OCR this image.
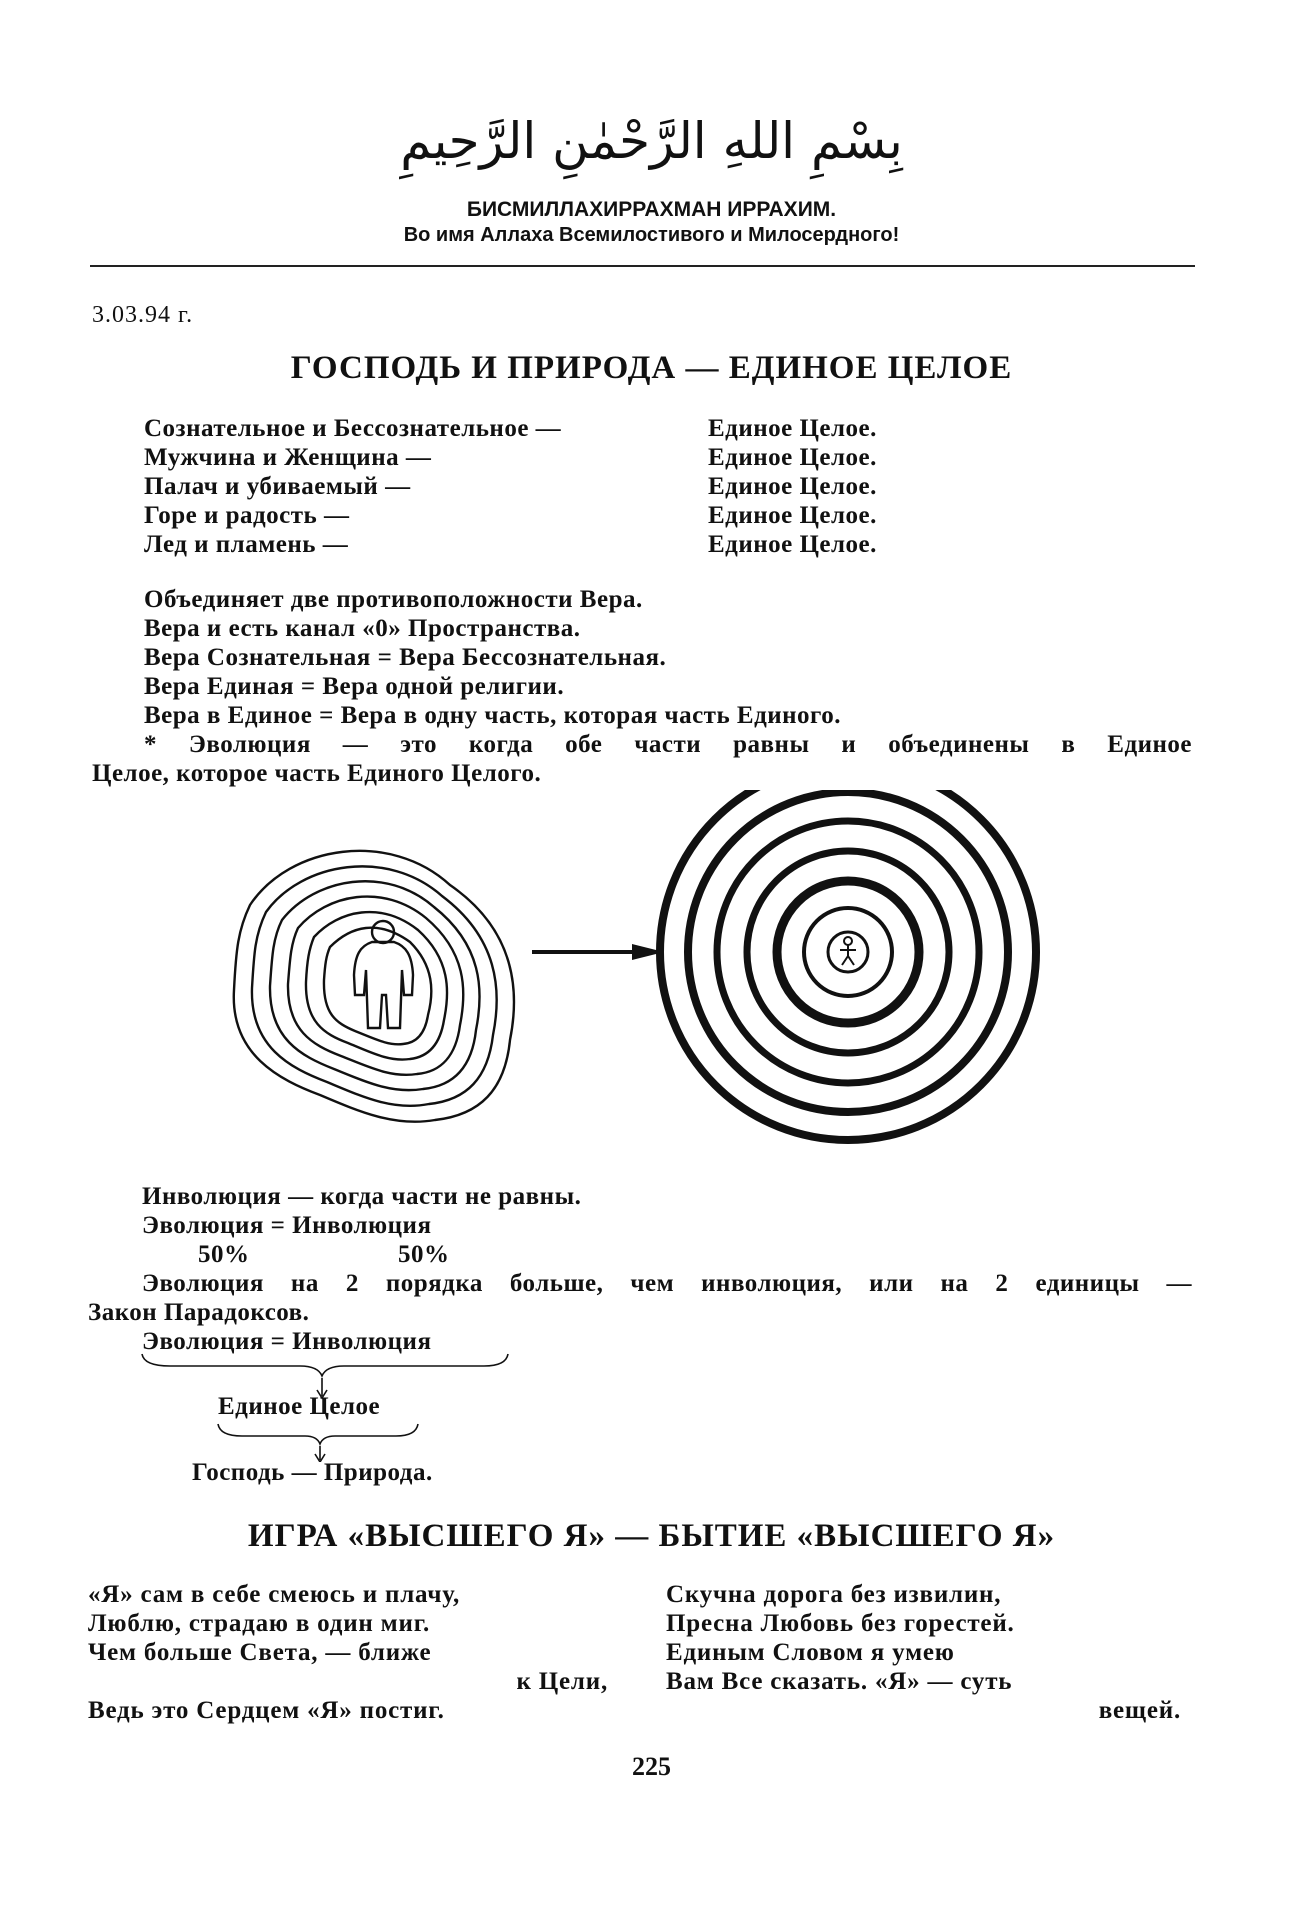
بِسْمِ اللهِ الرَّحْمٰنِ الرَّحِيمِ
БИСМИЛЛАХИРРАХМАН ИРРАХИМ.
Во имя Аллаха Всемилостивого и Милосердного!
3.03.94 г.
ГОСПОДЬ И ПРИРОДА — ЕДИНОЕ ЦЕЛОЕ
Сознательное и Бессознательное —	Единое Целое.
Мужчина и Женщина —	Единое Целое.
Палач и убиваемый —	Единое Целое.
Горе и радость —	Единое Целое.
Лед и пламень —	Единое Целое.
Объединяет две противоположности Вера.
Вера и есть канал «0» Пространства.
Вера Сознательная = Вера Бессознательная.
Вера Единая = Вера одной религии.
Вера в Единое = Вера в одну часть, которая часть Единого.
* Эволюция — это когда обе части равны и объединены в Единое
Целое, которое часть Единого Целого.
Инволюция — когда части не равны.
Эволюция = Инволюция
50%	50%
Эволюция на 2 порядка больше, чем инволюция, или на 2 единицы —
Закон Парадоксов.
Эволюция = Инволюция
Единое Целое
Господь — Природа.
ИГРА «ВЫСШЕГО Я» — БЫТИЕ «ВЫСШЕГО Я»
«Я» сам в себе смеюсь и плачу,
Люблю, страдаю в один миг.
Чем больше Света, — ближе
к Цели,
Ведь это Сердцем «Я» постиг.
Скучна дорога без извилин,
Пресна Любовь без горестей.
Единым Словом я умею
Вам Все сказать. «Я» — суть
вещей.
225
